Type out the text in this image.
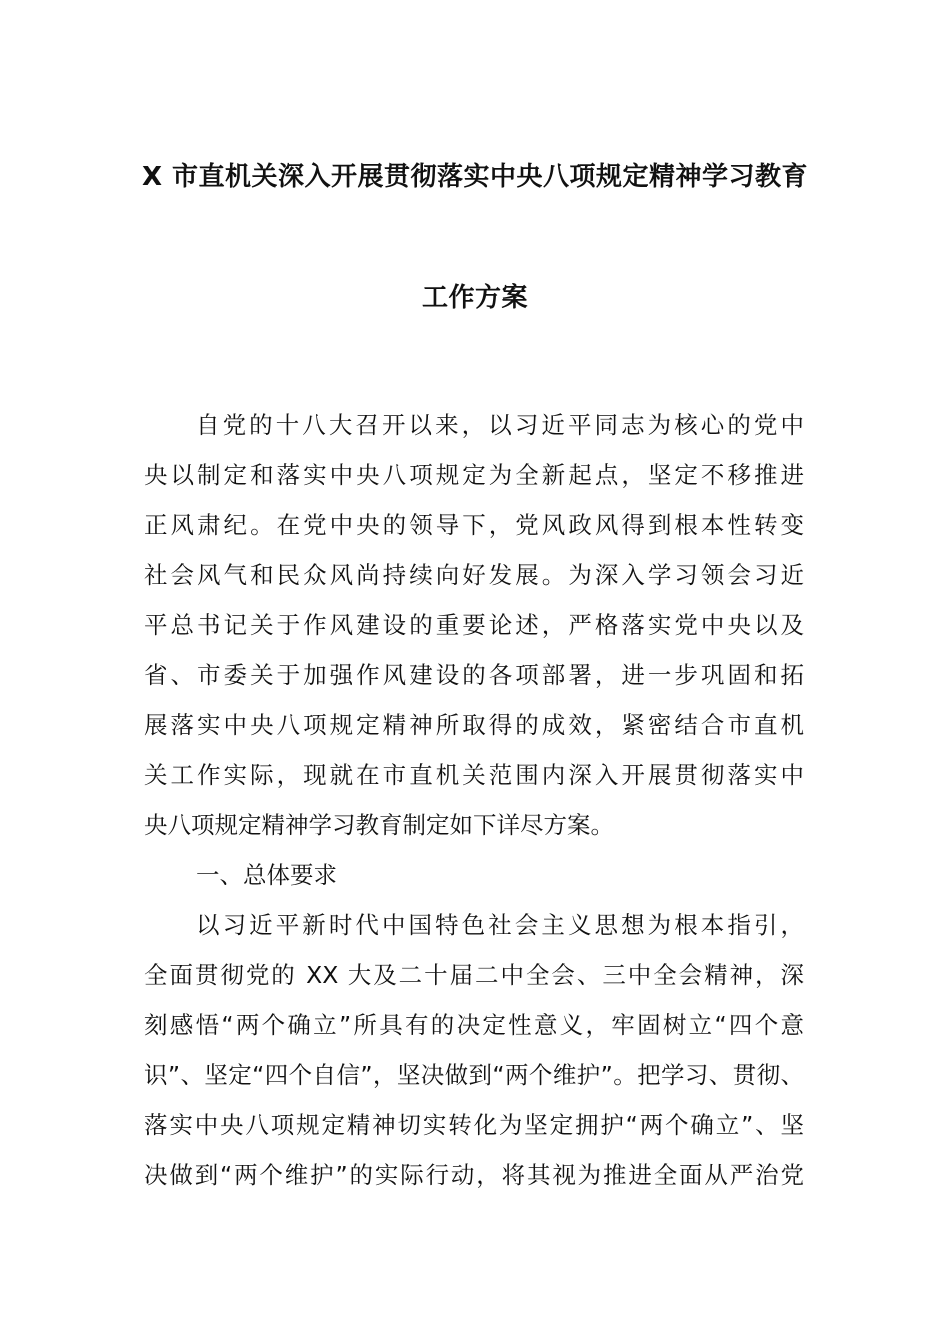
X 市直机关深入开展贯彻落实中央八项规定精神学习教育
工作方案
自党的十八大召开以来，以习近平同志为核心的党中
央以制定和落实中央八项规定为全新起点，坚定不移推进
正风肃纪。在党中央的领导下，党风政风得到根本性转变
社会风气和民众风尚持续向好发展。为深入学习领会习近
平总书记关于作风建设的重要论述，严格落实党中央以及
省、市委关于加强作风建设的各项部署，进一步巩固和拓
展落实中央八项规定精神所取得的成效，紧密结合市直机
关工作实际，现就在市直机关范围内深入开展贯彻落实中
央八项规定精神学习教育制定如下详尽方案。
一、总体要求
以习近平新时代中国特色社会主义思想为根本指引，
全面贯彻党的 XX 大及二十届二中全会、三中全会精神，深
刻感悟“两个确立”所具有的决定性意义，牢固树立“四个意
识”、坚定“四个自信”，坚决做到“两个维护”。把学习、贯彻、
落实中央八项规定精神切实转化为坚定拥护“两个确立”、坚
决做到“两个维护”的实际行动，将其视为推进全面从严治党
